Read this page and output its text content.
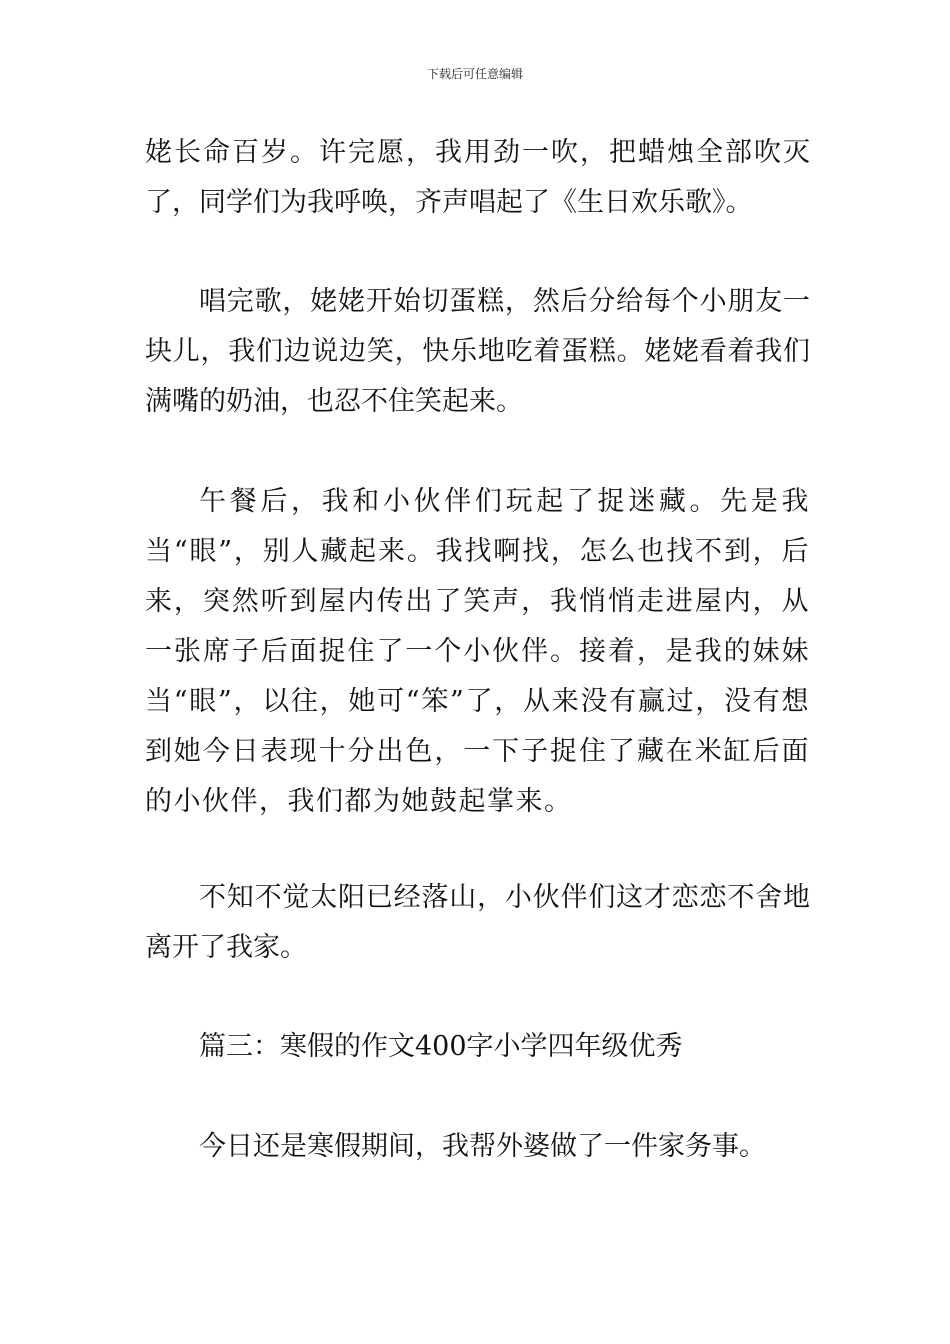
下载后可任意编辑

姥长命百岁。许完愿，我用劲一吹，把蜡烛全部吹灭了，同学们为我呼唤，齐声唱起了《生日欢乐歌》。

唱完歌，姥姥开始切蛋糕，然后分给每个小朋友一块儿，我们边说边笑，快乐地吃着蛋糕。姥姥看着我们满嘴的奶油，也忍不住笑起来。

午餐后，我和小伙伴们玩起了捉迷藏。先是我当“眼”，别人藏起来。我找啊找，怎么也找不到，后来，突然听到屋内传出了笑声，我悄悄走进屋内，从一张席子后面捉住了一个小伙伴。接着，是我的妹妹当“眼”，以往，她可“笨”了，从来没有赢过，没有想到她今日表现十分出色，一下子捉住了藏在米缸后面的小伙伴，我们都为她鼓起掌来。

不知不觉太阳已经落山，小伙伴们这才恋恋不舍地离开了我家。

篇三：寒假的作文400字小学四年级优秀

今日还是寒假期间，我帮外婆做了一件家务事。
